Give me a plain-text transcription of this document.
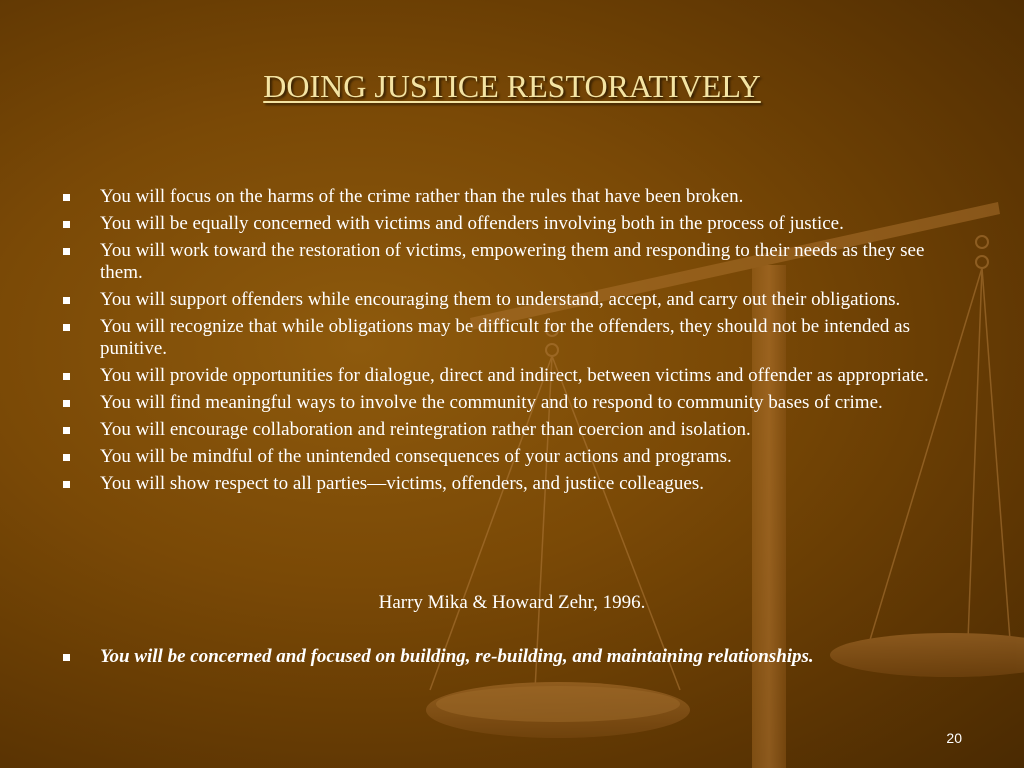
DOING JUSTICE RESTORATIVELY
You will focus on the harms of the crime rather than the rules that have been broken.
You will be equally concerned with victims and offenders involving both in the process of justice.
You will work toward the restoration of victims, empowering them and responding to their needs as they see them.
You will support offenders while encouraging them to understand, accept, and carry out their obligations.
You will recognize that while obligations may be difficult for the offenders, they should not be intended as punitive.
You will provide opportunities for dialogue, direct and indirect, between victims and offender as appropriate.
You will find meaningful ways to involve the community and to respond to community bases of crime.
You will encourage collaboration and reintegration rather than coercion and isolation.
You will be mindful of the unintended consequences of your actions and programs.
You will show respect to all parties—victims, offenders, and justice colleagues.
Harry Mika & Howard Zehr, 1996.
You will be concerned and focused on building, re-building, and maintaining relationships.
20
